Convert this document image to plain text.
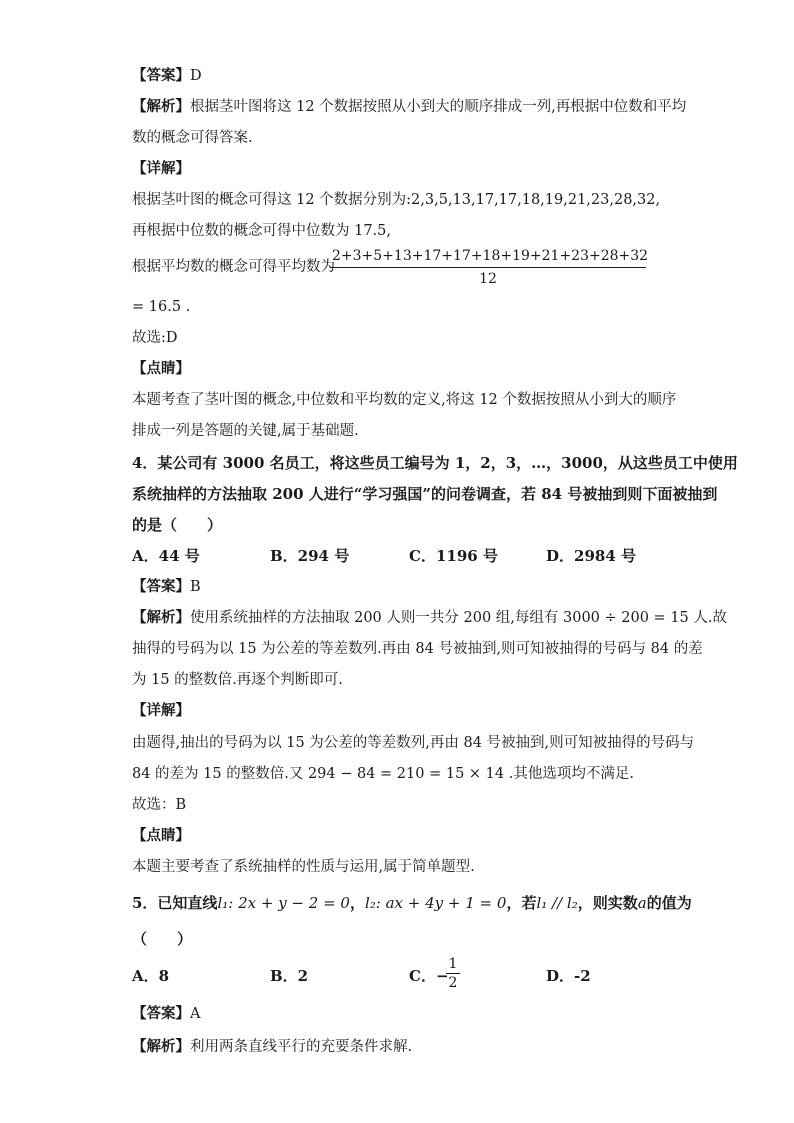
【答案】D
【解析】根据茎叶图将这 12 个数据按照从小到大的顺序排成一列,再根据中位数和平均
数的概念可得答案.
【详解】
根据茎叶图的概念可得这 12 个数据分别为:2,3,5,13,17,17,18,19,21,23,28,32,
再根据中位数的概念可得中位数为 17.5,
根据平均数的概念可得平均数为
$\frac{2+3+5+13+17+17+18+19+21+23+28+32}{12}$
= 16.5 .
故选:D
【点睛】
本题考查了茎叶图的概念,中位数和平均数的定义,将这 12 个数据按照从小到大的顺序
排成一列是答题的关键,属于基础题.
4．某公司有 3000 名员工，将这些员工编号为 1，2，3，…，3000，从这些员工中使用
系统抽样的方法抽取 200 人进行“学习强国”的问卷调查，若 84 号被抽到则下面被抽到
的是（　　）
A．44 号	B．294 号	C．1196 号	D．2984 号
【答案】B
【解析】使用系统抽样的方法抽取 200 人则一共分 200 组,每组有 3000 ÷ 200 = 15 人.故
抽得的号码为以 15 为公差的等差数列.再由 84 号被抽到,则可知被抽得的号码与 84 的差
为 15 的整数倍.再逐个判断即可.
【详解】
由题得,抽出的号码为以 15 为公差的等差数列,再由 84 号被抽到,则可知被抽得的号码与
84 的差为 15 的整数倍.又 294 − 84 = 210 = 15 × 14 .其他选项均不满足.
故选：B
【点睛】
本题主要考查了系统抽样的性质与运用,属于简单题型.
5．已知直线l₁: 2x + y − 2 = 0，l₂: ax + 4y + 1 = 0，若l₁ // l₂，则实数a的值为
（　　）
A．8	B．2	C．−
$\frac{1}{2}$	D．-2
【答案】A
【解析】利用两条直线平行的充要条件求解.
